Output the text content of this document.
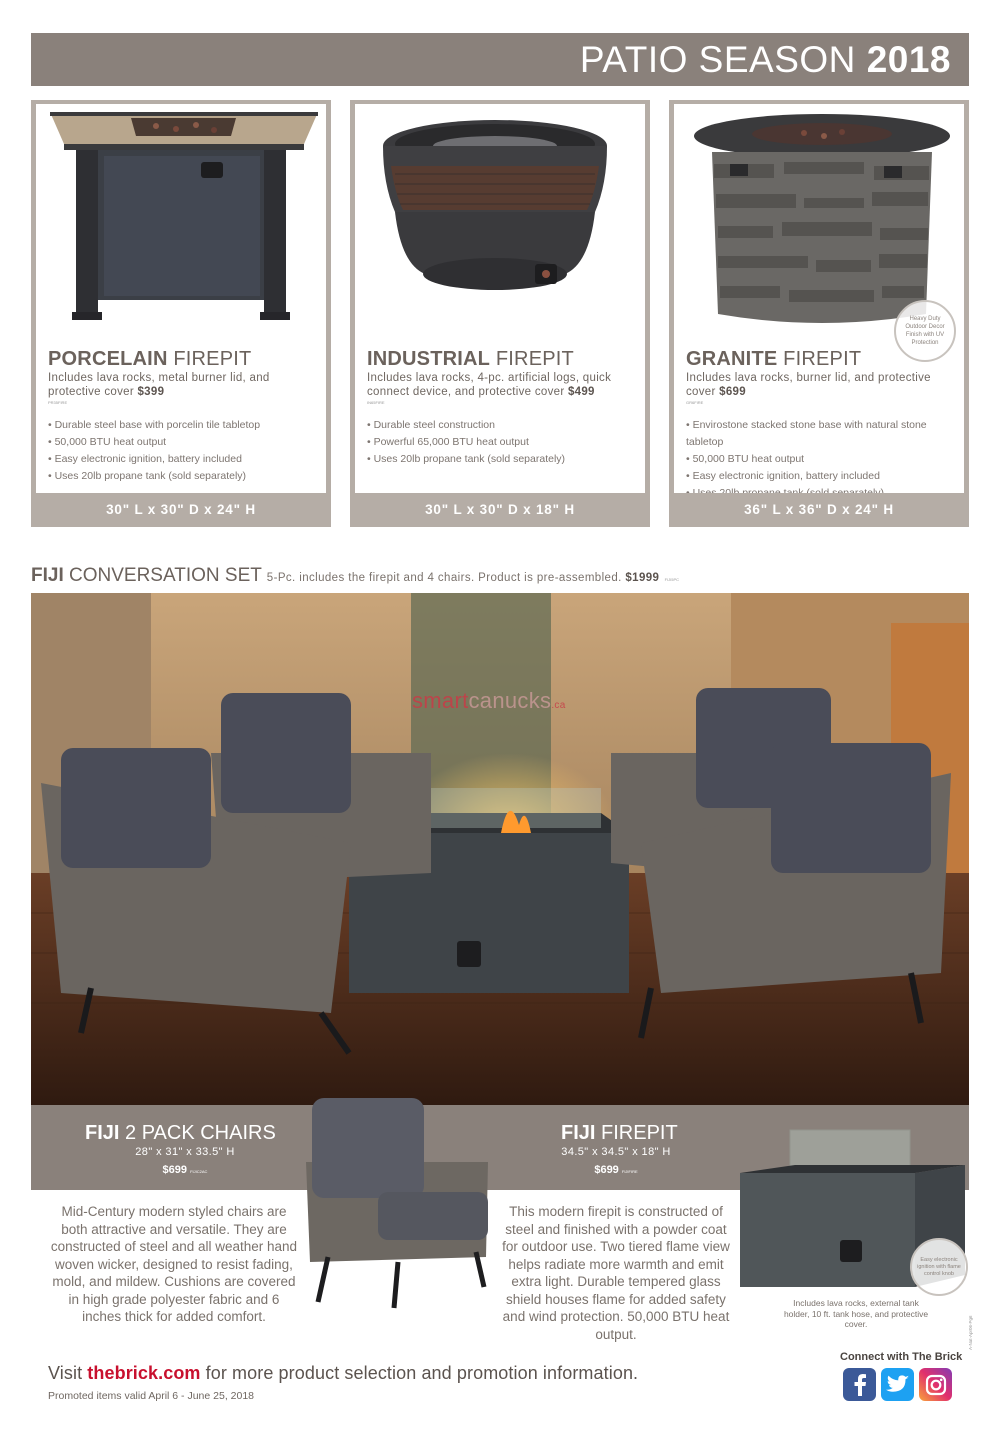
PATIO SEASON 2018
PORCELAIN FIREPIT
Includes lava rocks, metal burner lid, and protective cover $399
PR35FIRE
• Durable steel base with porcelin tile tabletop
• 50,000 BTU heat output
• Easy electronic ignition, battery included
• Uses 20lb propane tank (sold separately)
30" L x 30" D x 24" H
INDUSTRIAL FIREPIT
Includes lava rocks, 4-pc. artificial logs, quick connect device, and protective cover $499
IN65FIRE
• Durable steel construction
• Powerful 65,000 BTU heat output
• Uses 20lb propane tank (sold separately)
30" L x 30" D x 18" H
Heavy Duty Outdoor Decor Finish with UV Protection
GRANITE FIREPIT
Includes lava rocks, burner lid, and protective cover $699
GR6FIRE
• Envirostone stacked stone base with natural stone tabletop
• 50,000 BTU heat output
• Easy electronic ignition, battery included
•
36" L x 36" D x 24" H
FIJI CONVERSATION SET 5-Pc. includes the firepit and 4 chairs. Product is pre-assembled. $1999 FIJI5PC
smartcanucks.ca
FIJI 2 PACK CHAIRS
28" x 31" x 33.5" H
$699 FIJIC2AC
FIJI FIREPIT
34.5" x 34.5" x 18" H
$699 FIJIFIRE
Easy electronic ignition with flame control knob
Includes lava rocks, external tank holder, 10 ft. tank hose, and protective cover.
Mid-Century modern styled chairs are both attractive and versatile. They are constructed of steel and all weather hand woven wicker, designed to resist fading, mold, and mildew. Cushions are covered in high grade polyester fabric and 6 inches thick for added comfort.
This modern firepit is constructed of steel and finished with a powder coat for outdoor use. Two tiered flame view helps radiate more warmth and emit extra light. Durable tempered glass shield houses flame for added safety and wind protection. 50,000 BTU heat output.
Visit thebrick.com for more product selection and promotion information.
Promoted items valid April 6 - June 25, 2018
Connect with The Brick
A-Nat-Apr06-Pg6
